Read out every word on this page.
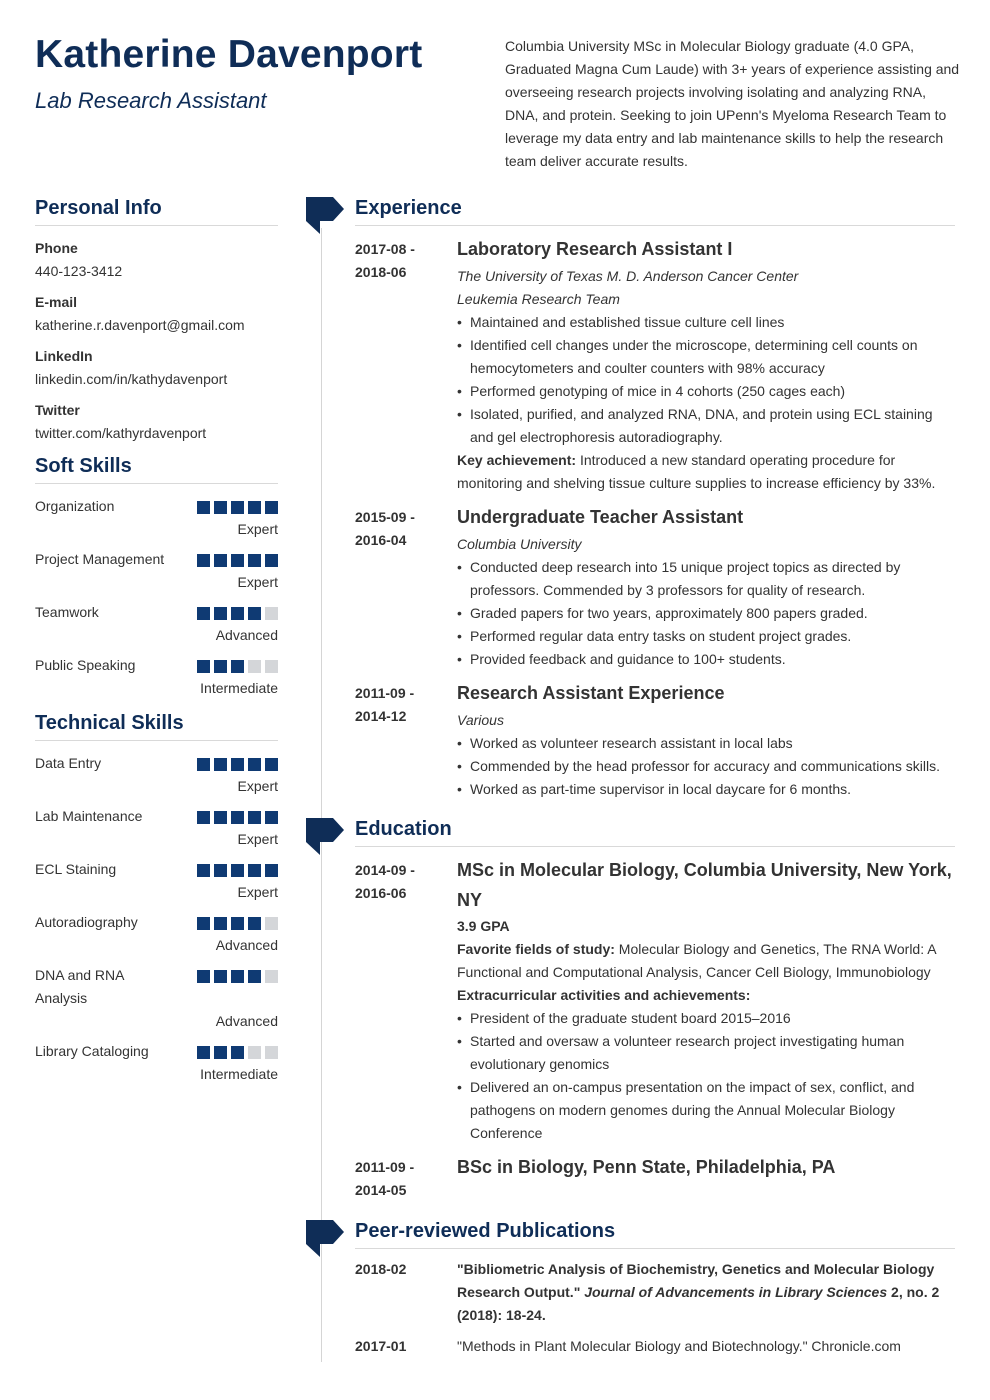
Katherine Davenport
Lab Research Assistant
Columbia University MSc in Molecular Biology graduate (4.0 GPA, Graduated Magna Cum Laude) with 3+ years of experience assisting and overseeing research projects involving isolating and analyzing RNA, DNA, and protein. Seeking to join UPenn's Myeloma Research Team to leverage my data entry and lab maintenance skills to help the research team deliver accurate results.
Personal Info
Phone
440-123-3412
E-mail
katherine.r.davenport@gmail.com
LinkedIn
linkedin.com/in/kathydavenport
Twitter
twitter.com/kathyrdavenport
Soft Skills
Organization
Expert
Project Management
Expert
Teamwork
Advanced
Public Speaking
Intermediate
Technical Skills
Data Entry
Expert
Lab Maintenance
Expert
ECL Staining
Expert
Autoradiography
Advanced
DNA and RNA Analysis
Advanced
Library Cataloging
Intermediate
Experience
2017-08 -
2018-06
Laboratory Research Assistant I
The University of Texas M. D. Anderson Cancer Center
Leukemia Research Team
• Maintained and established tissue culture cell lines
• Identified cell changes under the microscope, determining cell counts on hemocytometers and coulter counters with 98% accuracy
• Performed genotyping of mice in 4 cohorts (250 cages each)
• Isolated, purified, and analyzed RNA, DNA, and protein using ECL staining and gel electrophoresis autoradiography.
Key achievement: Introduced a new standard operating procedure for monitoring and shelving tissue culture supplies to increase efficiency by 33%.
2015-09 -
2016-04
Undergraduate Teacher Assistant
Columbia University
• Conducted deep research into 15 unique project topics as directed by professors. Commended by 3 professors for quality of research.
• Graded papers for two years, approximately 800 papers graded.
• Performed regular data entry tasks on student project grades.
• Provided feedback and guidance to 100+ students.
2011-09 -
2014-12
Research Assistant Experience
Various
• Worked as volunteer research assistant in local labs
• Commended by the head professor for accuracy and communications skills.
• Worked as part-time supervisor in local daycare for 6 months.
Education
2014-09 -
2016-06
MSc in Molecular Biology, Columbia University, New York, NY
3.9 GPA
Favorite fields of study: Molecular Biology and Genetics, The RNA World: A Functional and Computational Analysis, Cancer Cell Biology, Immunobiology
Extracurricular activities and achievements:
• President of the graduate student board 2015–2016
• Started and oversaw a volunteer research project investigating human evolutionary genomics
• Delivered an on-campus presentation on the impact of sex, conflict, and pathogens on modern genomes during the Annual Molecular Biology Conference
2011-09 -
2014-05
BSc in Biology, Penn State, Philadelphia, PA
Peer-reviewed Publications
2018-02	"Bibliometric Analysis of Biochemistry, Genetics and Molecular Biology Research Output." Journal of Advancements in Library Sciences 2, no. 2 (2018): 18-24.
2017-01	"Methods in Plant Molecular Biology and Biotechnology." Chronicle.com
